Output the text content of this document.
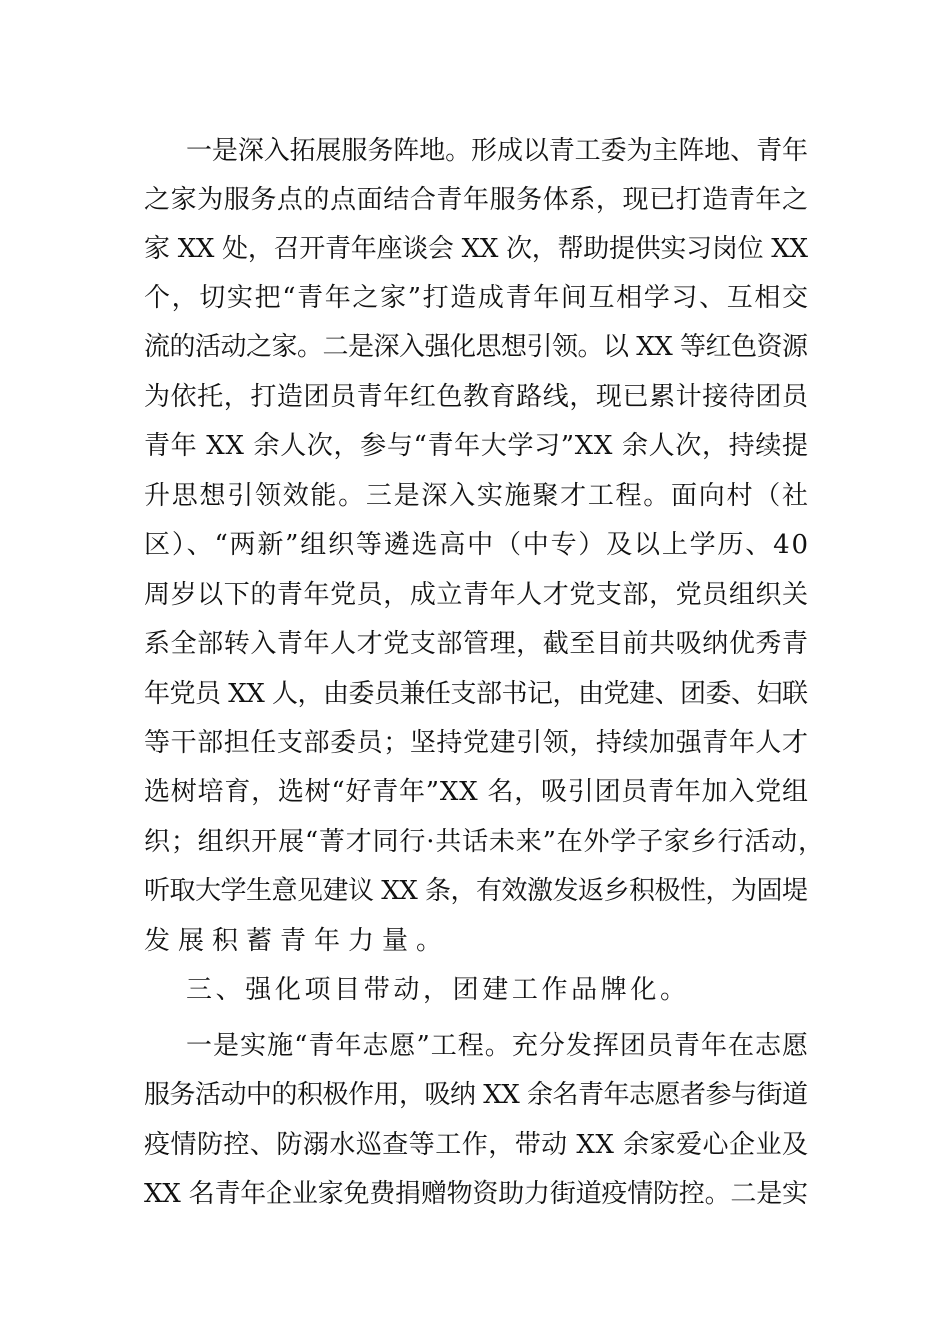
一是深入拓展服务阵地。形成以青工委为主阵地、青年
之家为服务点的点面结合青年服务体系，现已打造青年之
家 XX 处，召开青年座谈会 XX 次，帮助提供实习岗位 XX
个，切实把“青年之家”打造成青年间互相学习、互相交
流的活动之家。二是深入强化思想引领。以 XX 等红色资源
为依托，打造团员青年红色教育路线，现已累计接待团员
青年 XX 余人次，参与“青年大学习”XX 余人次，持续提
升思想引领效能。三是深入实施聚才工程。面向村（社
区）、“两新”组织等遴选高中（中专）及以上学历、40
周岁以下的青年党员，成立青年人才党支部，党员组织关
系全部转入青年人才党支部管理，截至目前共吸纳优秀青
年党员 XX 人，由委员兼任支部书记，由党建、团委、妇联
等干部担任支部委员；坚持党建引领，持续加强青年人才
选树培育，选树“好青年”XX 名，吸引团员青年加入党组
织；组织开展“菁才同行·共话未来”在外学子家乡行活动，
听取大学生意见建议 XX 条，有效激发返乡积极性，为固堤
发展积蓄青年力量。
三、强化项目带动，团建工作品牌化。
一是实施“青年志愿”工程。充分发挥团员青年在志愿
服务活动中的积极作用，吸纳 XX 余名青年志愿者参与街道
疫情防控、防溺水巡查等工作，带动 XX 余家爱心企业及
XX 名青年企业家免费捐赠物资助力街道疫情防控。二是实
